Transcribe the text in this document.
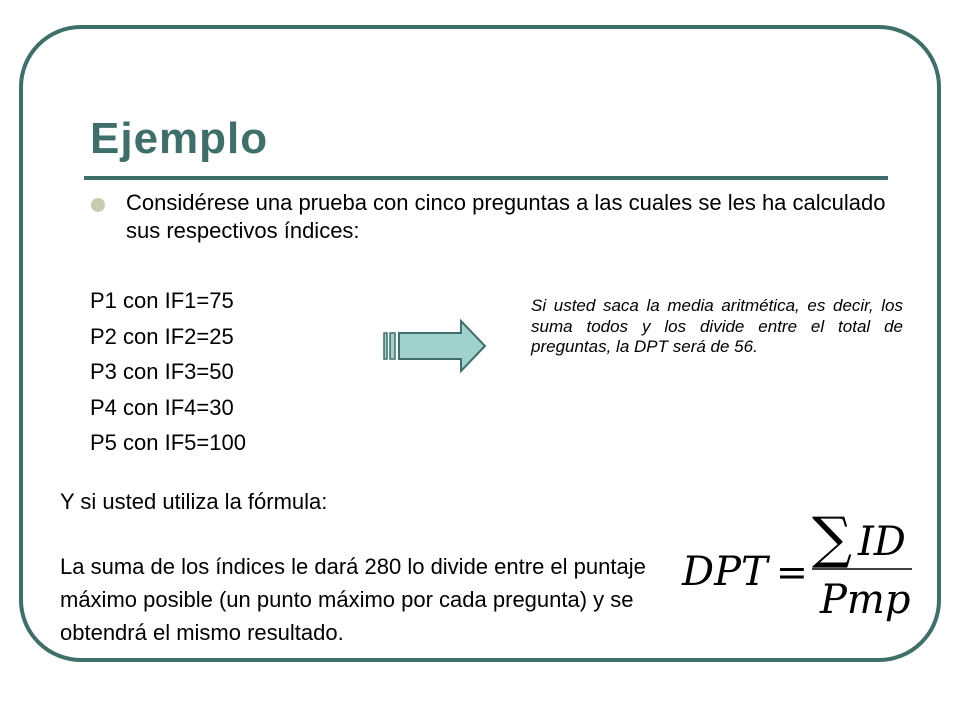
Ejemplo

Considérese una prueba con cinco preguntas a las cuales se les ha calculado sus respectivos índices:

P1 con IF1=75
P2 con IF2=25
P3 con IF3=50
P4 con IF4=30
P5 con IF5=100

Si usted saca la media aritmética, es decir, los suma todos y los divide entre el total de preguntas, la DPT será de 56.

Y si usted utiliza la fórmula:

La suma de los índices le dará 280 lo divide entre el puntaje máximo posible (un punto máximo por cada pregunta) y se obtendrá el mismo resultado.

DPT =
∑ ID
Pmp
